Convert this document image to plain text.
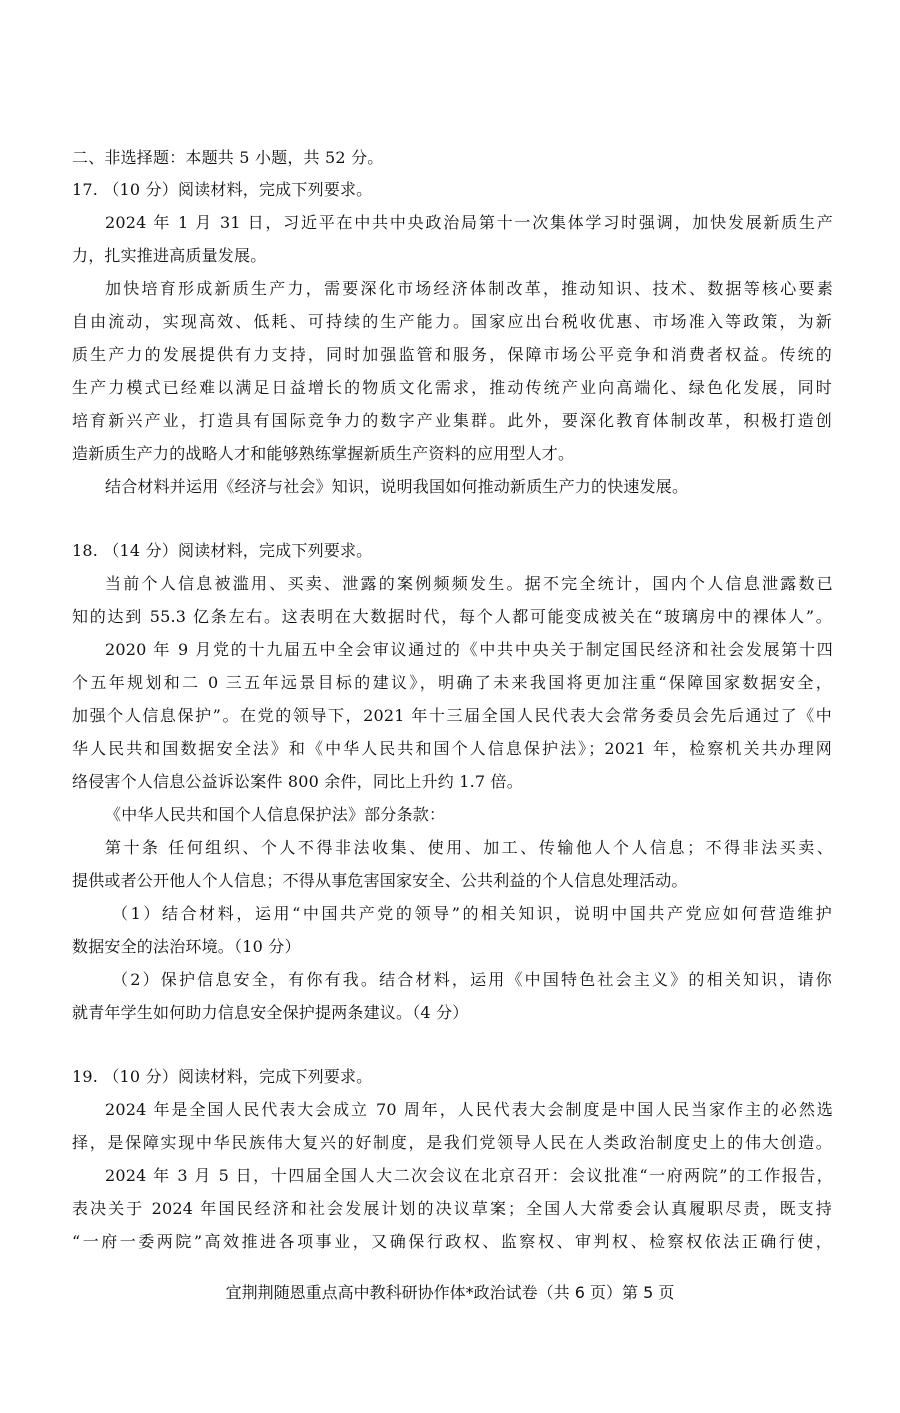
二、非选择题：本题共 5 小题，共 52 分。
17. （10 分）阅读材料，完成下列要求。
2024 年 1 月 31 日，习近平在中共中央政治局第十一次集体学习时强调，加快发展新质生产
力，扎实推进高质量发展。
加快培育形成新质生产力，需要深化市场经济体制改革，推动知识、技术、数据等核心要素
自由流动，实现高效、低耗、可持续的生产能力。国家应出台税收优惠、市场准入等政策，为新
质生产力的发展提供有力支持，同时加强监管和服务，保障市场公平竞争和消费者权益。传统的
生产力模式已经难以满足日益增长的物质文化需求，推动传统产业向高端化、绿色化发展，同时
培育新兴产业，打造具有国际竞争力的数字产业集群。此外，要深化教育体制改革，积极打造创
造新质生产力的战略人才和能够熟练掌握新质生产资料的应用型人才。
结合材料并运用《经济与社会》知识，说明我国如何推动新质生产力的快速发展。
18. （14 分）阅读材料，完成下列要求。
当前个人信息被滥用、买卖、泄露的案例频频发生。据不完全统计，国内个人信息泄露数已
知的达到 55.3 亿条左右。这表明在大数据时代，每个人都可能变成被关在“玻璃房中的裸体人”。
2020 年 9 月党的十九届五中全会审议通过的《中共中央关于制定国民经济和社会发展第十四
个五年规划和二 0 三五年远景目标的建议》，明确了未来我国将更加注重“保障国家数据安全，
加强个人信息保护”。在党的领导下，2021 年十三届全国人民代表大会常务委员会先后通过了《中
华人民共和国数据安全法》和《中华人民共和国个人信息保护法》；2021 年，检察机关共办理网
络侵害个人信息公益诉讼案件 800 余件，同比上升约 1.7 倍。
《中华人民共和国个人信息保护法》部分条款：
第十条 任何组织、个人不得非法收集、使用、加工、传输他人个人信息；不得非法买卖、
提供或者公开他人个人信息；不得从事危害国家安全、公共利益的个人信息处理活动。
（1）结合材料，运用“中国共产党的领导”的相关知识，说明中国共产党应如何营造维护
数据安全的法治环境。（10 分）
（2）保护信息安全，有你有我。结合材料，运用《中国特色社会主义》的相关知识，请你
就青年学生如何助力信息安全保护提两条建议。（4 分）
19. （10 分）阅读材料，完成下列要求。
2024 年是全国人民代表大会成立 70 周年，人民代表大会制度是中国人民当家作主的必然选
择，是保障实现中华民族伟大复兴的好制度，是我们党领导人民在人类政治制度史上的伟大创造。
2024 年 3 月 5 日，十四届全国人大二次会议在北京召开：会议批准“一府两院”的工作报告，
表决关于 2024 年国民经济和社会发展计划的决议草案；全国人大常委会认真履职尽责，既支持
“一府一委两院”高效推进各项事业，又确保行政权、监察权、审判权、检察权依法正确行使，
宜荆荆随恩重点高中教科研协作体*政治试卷（共 6 页）第 5 页
